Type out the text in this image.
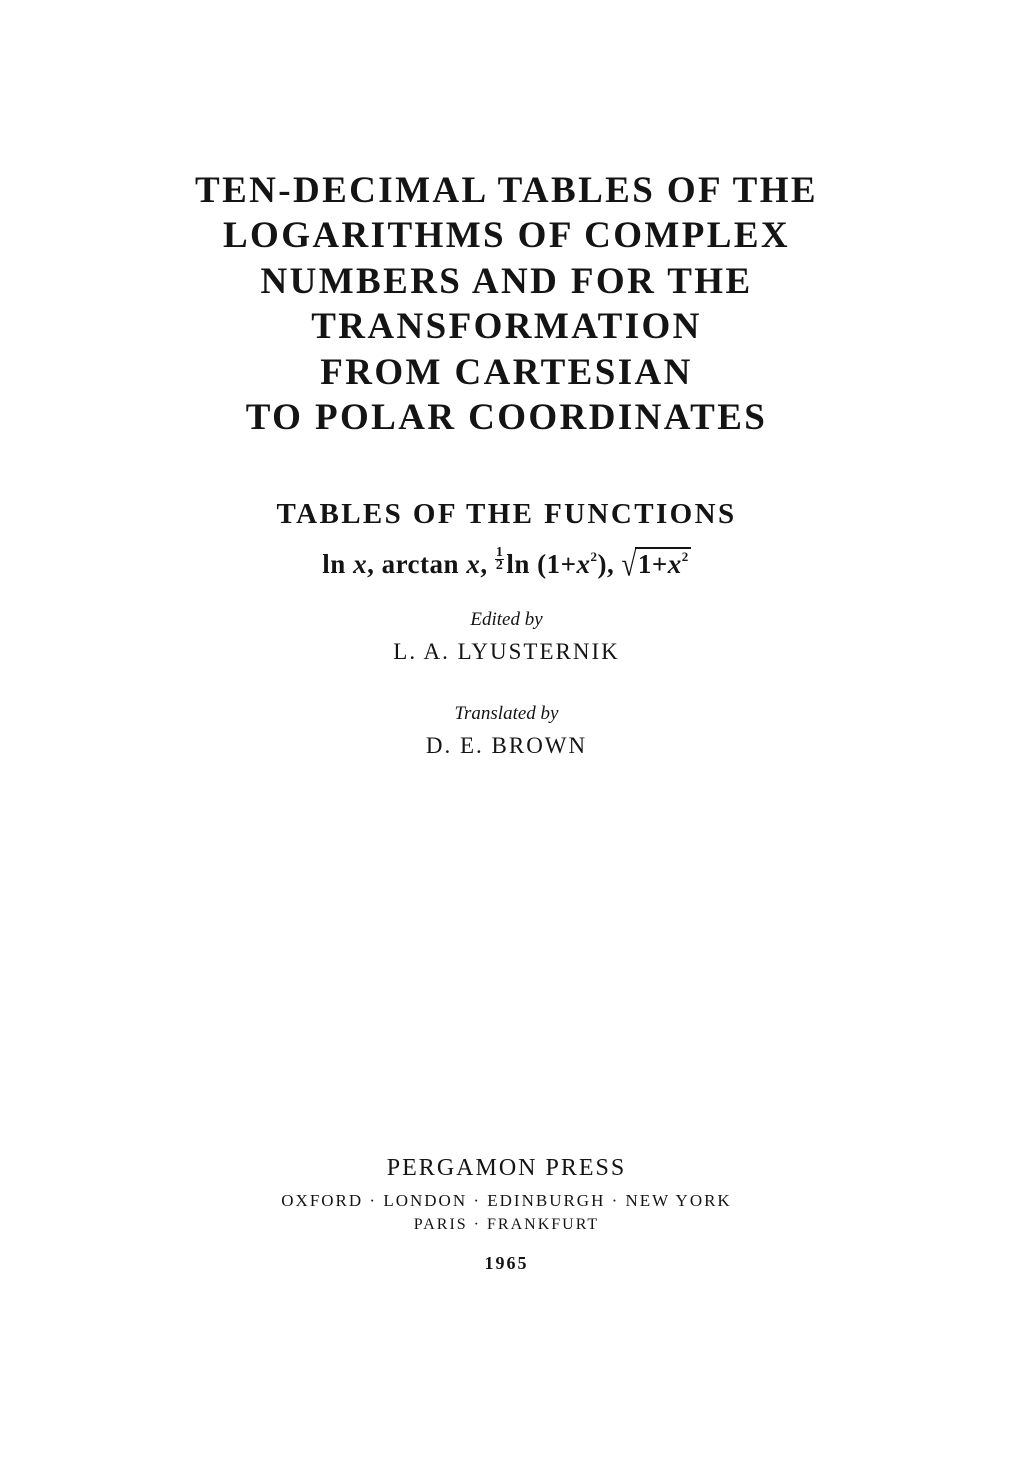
TEN-DECIMAL TABLES OF THE
LOGARITHMS OF COMPLEX
NUMBERS AND FOR THE
TRANSFORMATION
FROM CARTESIAN
TO POLAR COORDINATES
TABLES OF THE FUNCTIONS
ln x, arctan x, $\frac{1}{2}$ $\ln (1+x^2)$, $√1+x^2$
Edited by
L. A. LYUSTERNIK
Translated by
D. E. BROWN
PERGAMON PRESS
OXFORD · LONDON · EDINBURGH · NEW YORK
PARIS · FRANKFURT
1965
